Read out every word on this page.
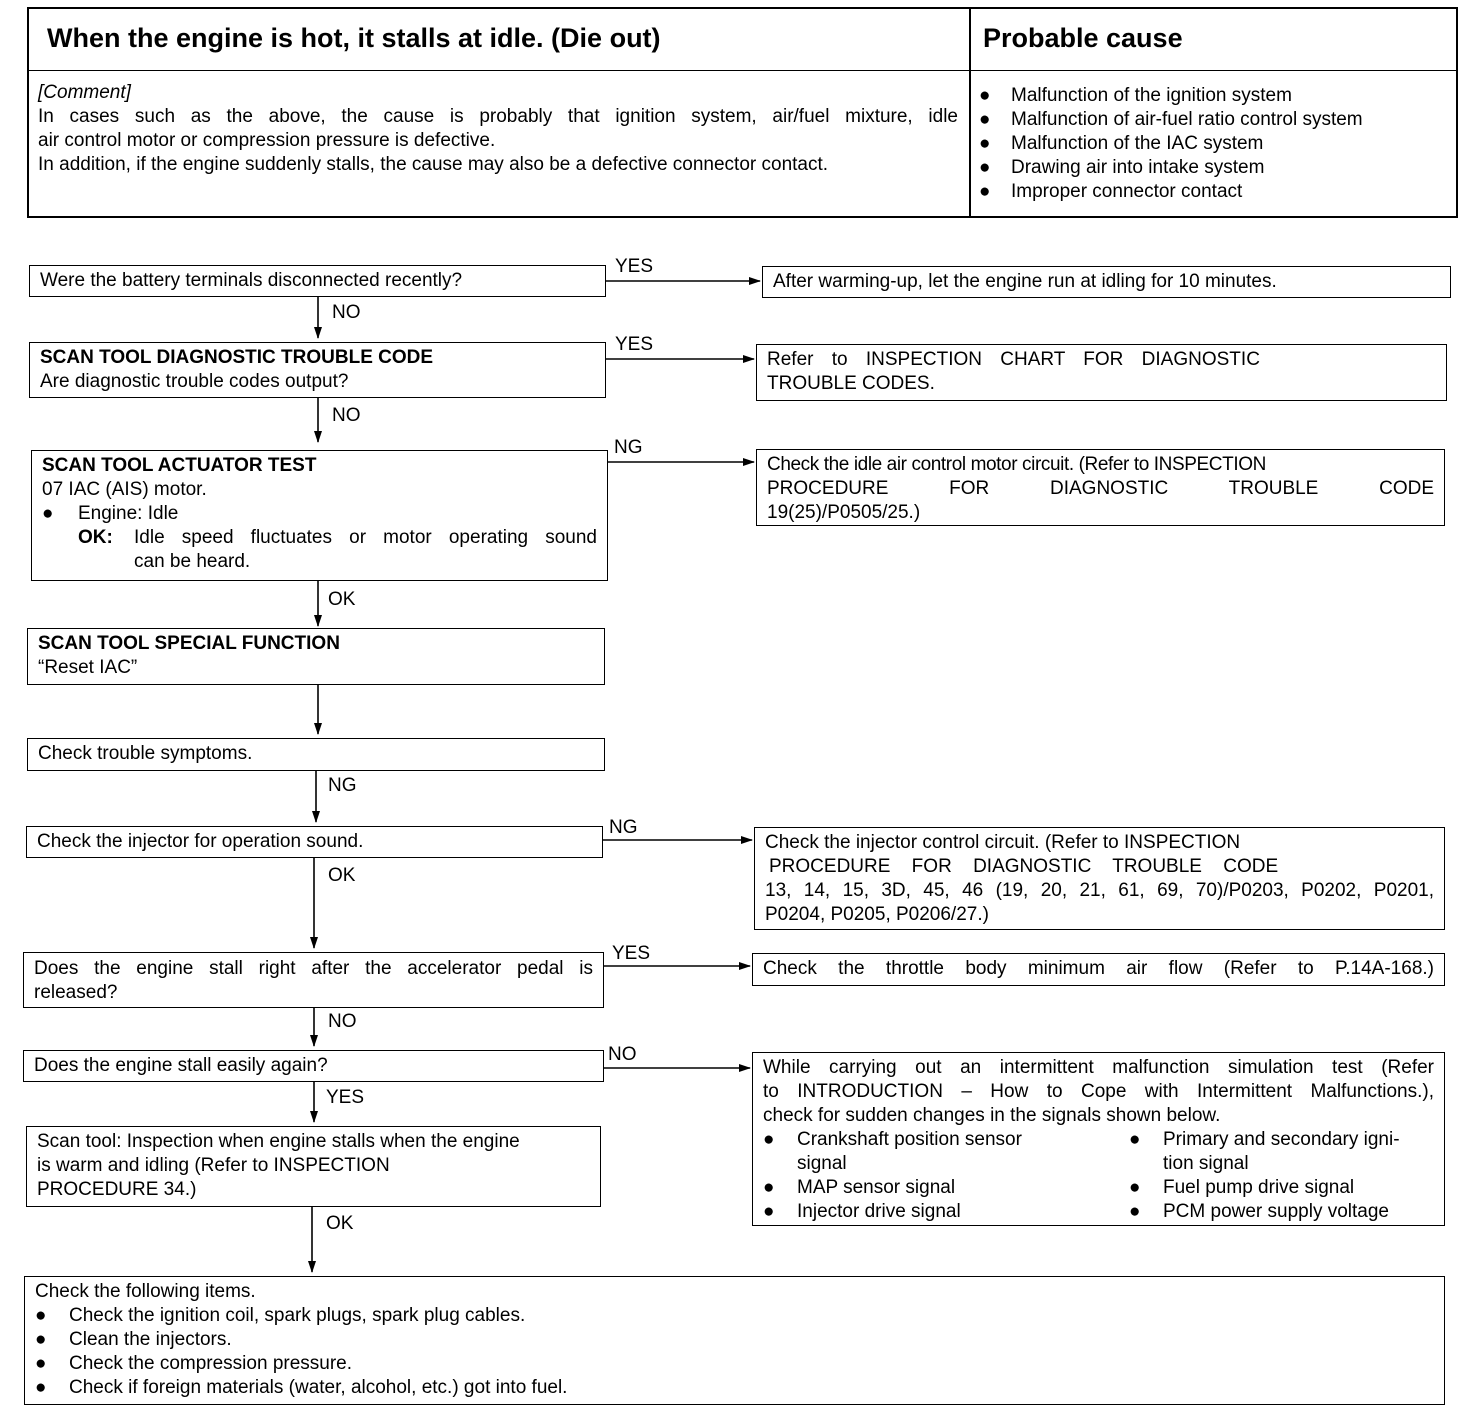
When the engine is hot, it stalls at idle. (Die out)	Probable cause
[Comment]
In cases such as the above, the cause is probably that ignition system, air/fuel mixture, idle
air control motor or compression pressure is defective.
In addition, if the engine suddenly stalls, the cause may also be a defective connector contact.
●	Malfunction of the ignition system
●	Malfunction of air-fuel ratio control system
●	Malfunction of the IAC system
●	Drawing air into intake system
●	Improper connector contact
YES
NO
YES
NO
NG
OK
NG
NG
OK
YES
NO
NO
YES
OK
Were the battery terminals disconnected recently?
SCAN TOOL DIAGNOSTIC TROUBLE CODE
Are diagnostic trouble codes output?
SCAN TOOL ACTUATOR TEST
07 IAC (AIS) motor.
●	Engine: Idle
OK:	Idle speed fluctuates or motor operating sound
can be heard.
SCAN TOOL SPECIAL FUNCTION
“Reset IAC”
Check trouble symptoms.
Check the injector for operation sound.
Does the engine stall right after the accelerator pedal is
released?
Does the engine stall easily again?
Scan tool: Inspection when engine stalls when the engine
is warm and idling (Refer to INSPECTION
PROCEDURE 34.)
After warming-up, let the engine run at idling for 10 minutes.
Refer to INSPECTION CHART FOR DIAGNOSTIC
TROUBLE CODES.
Check the idle air control motor circuit. (Refer to INSPECTION
PROCEDURE FOR DIAGNOSTIC TROUBLE CODE
19(25)/P0505/25.)
Check the injector control circuit. (Refer to INSPECTION
PROCEDURE FOR DIAGNOSTIC TROUBLE CODE
13, 14, 15, 3D, 45, 46 (19, 20, 21, 61, 69, 70)/P0203, P0202, P0201,
P0204, P0205, P0206/27.)
Check the throttle body minimum air flow (Refer to P.14A-168.)
While carrying out an intermittent malfunction simulation test (Refer
to INTRODUCTION – How to Cope with Intermittent Malfunctions.),
check for sudden changes in the signals shown below.
●	Crankshaft position sensor
signal
●	MAP sensor signal
●	Injector drive signal
●	Primary and secondary igni-
tion signal
●	Fuel pump drive signal
●	PCM power supply voltage
Check the following items.
●	Check the ignition coil, spark plugs, spark plug cables.
●	Clean the injectors.
●	Check the compression pressure.
●	Check if foreign materials (water, alcohol, etc.) got into fuel.
